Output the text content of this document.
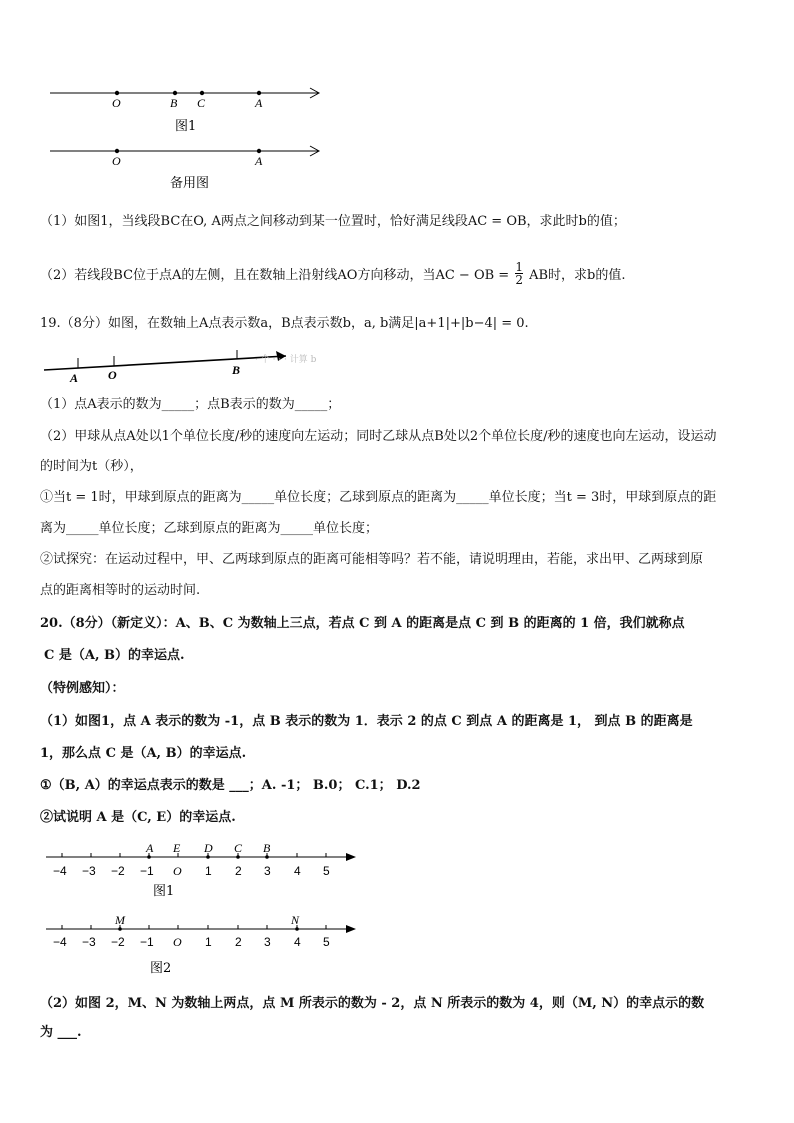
O	B C	A
图1
O	A
备用图
（1）如图1，当线段BC在O, A两点之间移动到某一位置时，恰好满足线段AC = OB，求此时b的值；
（2）若线段BC位于点A的左侧，且在数轴上沿射线AO方向移动，当AC − OB = $\frac{1}{2}$ AB时，求b的值.
19.（8分）如图，在数轴上A点表示数a，B点表示数b，a, b满足|a+1|+|b−4| = 0.
· 个 · · · 计算 b
A O	B
（1）点A表示的数为_____；点B表示的数为_____；
（2）甲球从点A处以1个单位长度/秒的速度向左运动；同时乙球从点B处以2个单位长度/秒的速度也向左运动，设运动
的时间为t（秒），
①当t = 1时，甲球到原点的距离为_____单位长度；乙球到原点的距离为_____单位长度；当t = 3时，甲球到原点的距
离为_____单位长度；乙球到原点的距离为_____单位长度；
②试探究：在运动过程中，甲、乙两球到原点的距离可能相等吗？若不能，请说明理由，若能，求出甲、乙两球到原
点的距离相等时的运动时间.
20.（8分）（新定义）：A、B、C 为数轴上三点，若点 C 到 A 的距离是点 C 到 B 的距离的 1 倍，我们就称点
C 是（A, B）的幸运点.
（特例感知）：
（1）如图1，点 A 表示的数为 -1，点 B 表示的数为 1．表示 2 的点 C 到点 A 的距离是 1， 到点 B 的距离是
1，那么点 C 是（A, B）的幸运点.
①（B, A）的幸运点表示的数是 ___；A. -1； B.0； C.1； D.2
②试说明 A 是（C, E）的幸运点.
A E D C B
−4 −3 −2 −1 O 1 2 3 4 5
图1
M	N
−4 −3 −2 −1 O 1 2 3 4 5
图2
（2）如图 2，M、N 为数轴上两点，点 M 所表示的数为 - 2，点 N 所表示的数为 4，则（M, N）的幸点示的数
为 ___.
